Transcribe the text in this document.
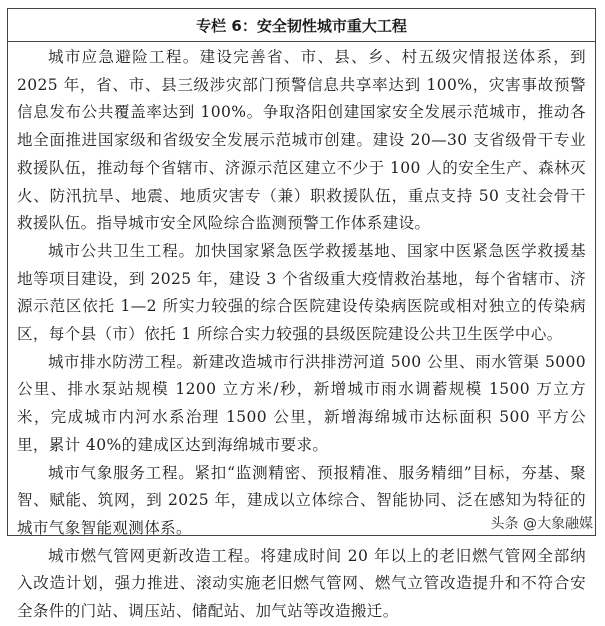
专栏 6：安全韧性城市重大工程

城市应急避险工程。建设完善省、市、县、乡、村五级灾情报送体系，到 2025 年，省、市、县三级涉灾部门预警信息共享率达到 100%，灾害事故预警信息发布公共覆盖率达到 100%。争取洛阳创建国家安全发展示范城市，推动各地全面推进国家级和省级安全发展示范城市创建。建设 20—30 支省级骨干专业救援队伍，推动每个省辖市、济源示范区建立不少于 100 人的安全生产、森林灭火、防汛抗旱、地震、地质灾害专（兼）职救援队伍，重点支持 50 支社会骨干救援队伍。指导城市安全风险综合监测预警工作体系建设。

城市公共卫生工程。加快国家紧急医学救援基地、国家中医紧急医学救援基地等项目建设，到 2025 年，建设 3 个省级重大疫情救治基地，每个省辖市、济源示范区依托 1—2 所实力较强的综合医院建设传染病医院或相对独立的传染病区，每个县（市）依托 1 所综合实力较强的县级医院建设公共卫生医学中心。

城市排水防涝工程。新建改造城市行洪排涝河道 500 公里、雨水管渠 5000 公里、排水泵站规模 1200 立方米/秒，新增城市雨水调蓄规模 1500 万立方米，完成城市内河水系治理 1500 公里，新增海绵城市达标面积 500 平方公里，累计 40%的建成区达到海绵城市要求。

城市气象服务工程。紧扣“监测精密、预报精准、服务精细”目标，夯基、聚智、赋能、筑网，到 2025 年，建成以立体综合、智能协同、泛在感知为特征的城市气象智能观测体系。

城市燃气管网更新改造工程。将建成时间 20 年以上的老旧燃气管网全部纳入改造计划，强力推进、滚动实施老旧燃气管网、燃气立管改造提升和不符合安全条件的门站、调压站、储配站、加气站等改造搬迁。

头条 @大象融媒
